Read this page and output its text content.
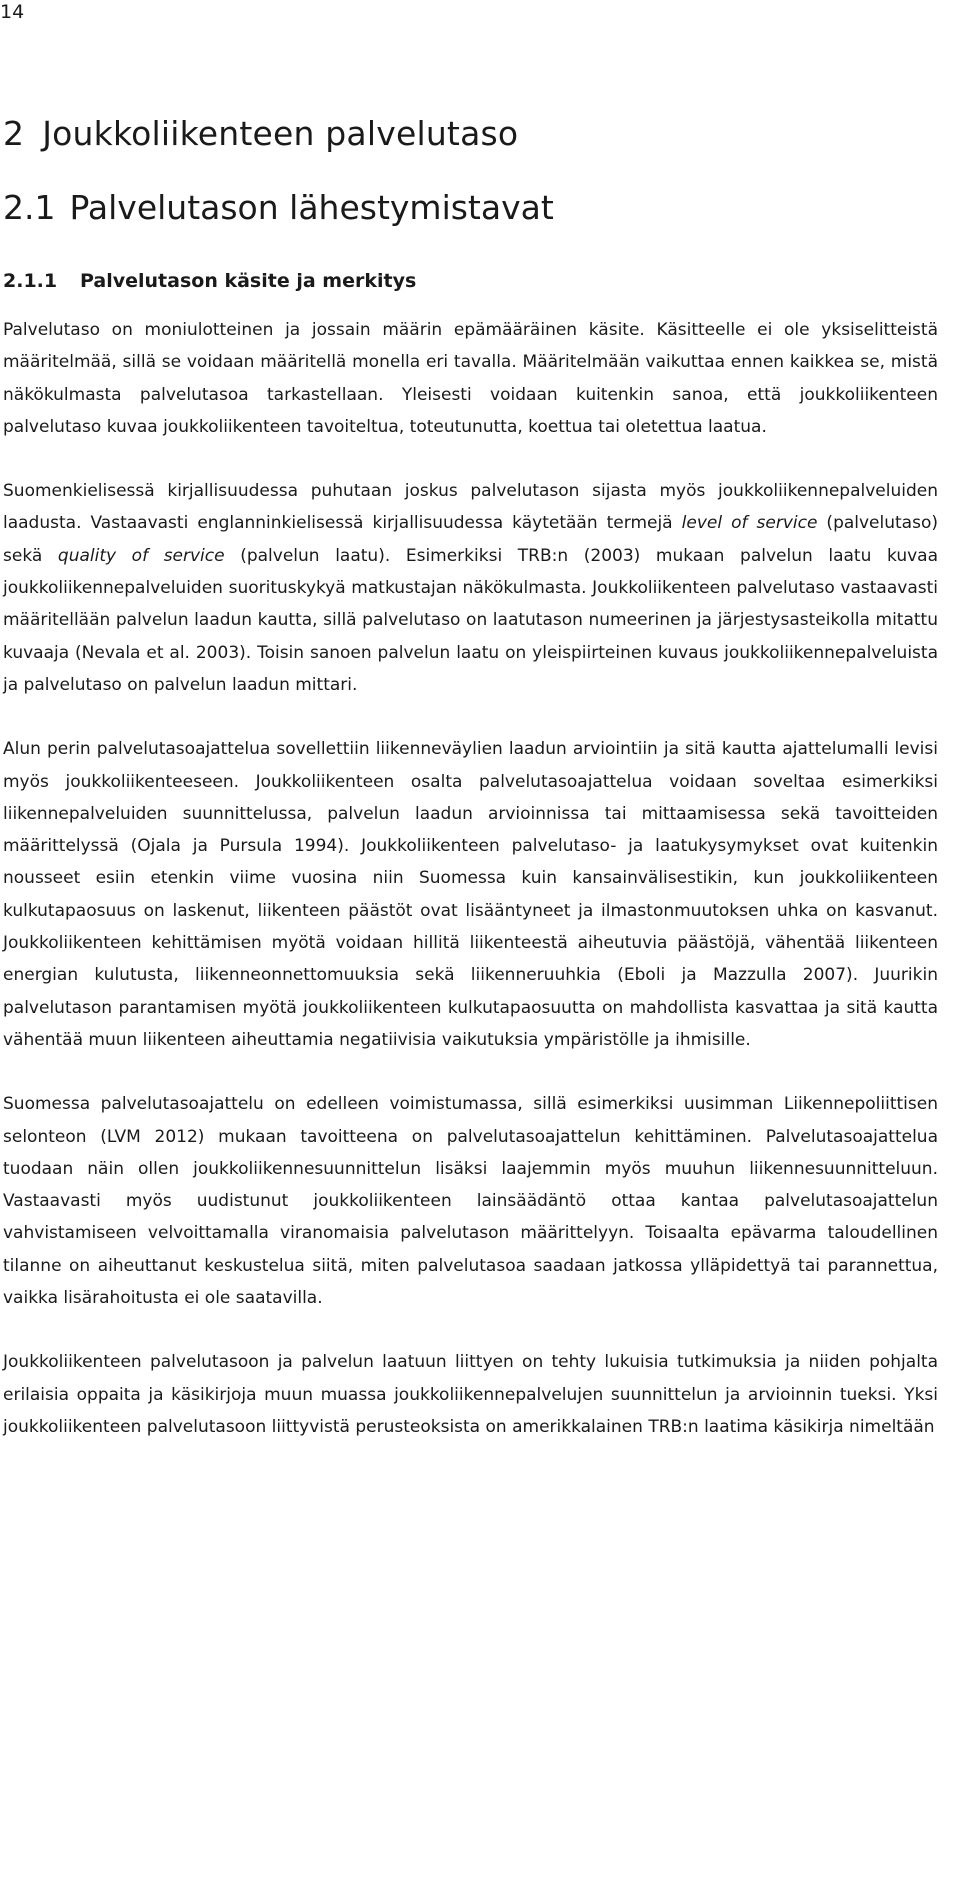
14
2 Joukkoliikenteen palvelutaso
2.1 Palvelutason lähestymistavat
2.1.1 Palvelutason käsite ja merkitys

Palvelutaso on moniulotteinen ja jossain määrin epämääräinen käsite. Käsitteelle ei ole yksiselitteistä määritelmää, sillä se voidaan määritellä monella eri tavalla. Määritelmään vaikuttaa ennen kaikkea se, mistä näkökulmasta palvelutasoa tarkastellaan. Yleisesti voidaan kuitenkin sanoa, että joukkoliikenteen palvelutaso kuvaa joukkoliikenteen tavoiteltua, toteutunutta, koettua tai oletettua laatua.

Suomenkielisessä kirjallisuudessa puhutaan joskus palvelutason sijasta myös joukkoliikennepalveluiden laadusta. Vastaavasti englanninkielisessä kirjallisuudessa käytetään termejä level of service (palvelutaso) sekä quality of service (palvelun laatu). Esimerkiksi TRB:n (2003) mukaan palvelun laatu kuvaa joukkoliikennepalveluiden suorituskykyä matkustajan näkökulmasta. Joukkoliikenteen palvelutaso vastaavasti määritellään palvelun laadun kautta, sillä palvelutaso on laatutason numeerinen ja järjestysasteikolla mitattu kuvaaja (Nevala et al. 2003). Toisin sanoen palvelun laatu on yleispiirteinen kuvaus joukkoliikennepalveluista ja palvelutaso on palvelun laadun mittari.

Alun perin palvelutasoajattelua sovellettiin liikenneväylien laadun arviointiin ja sitä kautta ajattelumalli levisi myös joukkoliikenteeseen. Joukkoliikenteen osalta palvelutasoajattelua voidaan soveltaa esimerkiksi liikennepalveluiden suunnittelussa, palvelun laadun arvioinnissa tai mittaamisessa sekä tavoitteiden määrittelyssä (Ojala ja Pursula 1994). Joukkoliikenteen palvelutaso- ja laatukysymykset ovat kuitenkin nousseet esiin etenkin viime vuosina niin Suomessa kuin kansainvälisestikin, kun joukkoliikenteen kulkutapaosuus on laskenut, liikenteen päästöt ovat lisääntyneet ja ilmastonmuutoksen uhka on kasvanut. Joukkoliikenteen kehittämisen myötä voidaan hillitä liikenteestä aiheutuvia päästöjä, vähentää liikenteen energian kulutusta, liikenneonnettomuuksia sekä liikenneruuhkia (Eboli ja Mazzulla 2007). Juurikin palvelutason parantamisen myötä joukkoliikenteen kulkutapaosuutta on mahdollista kasvattaa ja sitä kautta vähentää muun liikenteen aiheuttamia negatiivisia vaikutuksia ympäristölle ja ihmisille.

Suomessa palvelutasoajattelu on edelleen voimistumassa, sillä esimerkiksi uusimman Liikennepoliittisen selonteon (LVM 2012) mukaan tavoitteena on palvelutasoajattelun kehittäminen. Palvelutasoajattelua tuodaan näin ollen joukkoliikennesuunnittelun lisäksi laajemmin myös muuhun liikennesuunnitteluun. Vastaavasti myös uudistunut joukkoliikenteen lainsäädäntö ottaa kantaa palvelutasoajattelun vahvistamiseen velvoittamalla viranomaisia palvelutason määrittelyyn. Toisaalta epävarma taloudellinen tilanne on aiheuttanut keskustelua siitä, miten palvelutasoa saadaan jatkossa ylläpidettyä tai parannettua, vaikka lisärahoitusta ei ole saatavilla.

Joukkoliikenteen palvelutasoon ja palvelun laatuun liittyen on tehty lukuisia tutkimuksia ja niiden pohjalta erilaisia oppaita ja käsikirjoja muun muassa joukkoliikennepalvelujen suunnittelun ja arvioinnin tueksi. Yksi joukkoliikenteen palvelutasoon liittyvistä perusteoksista on amerikkalainen TRB:n laatima käsikirja nimeltään
